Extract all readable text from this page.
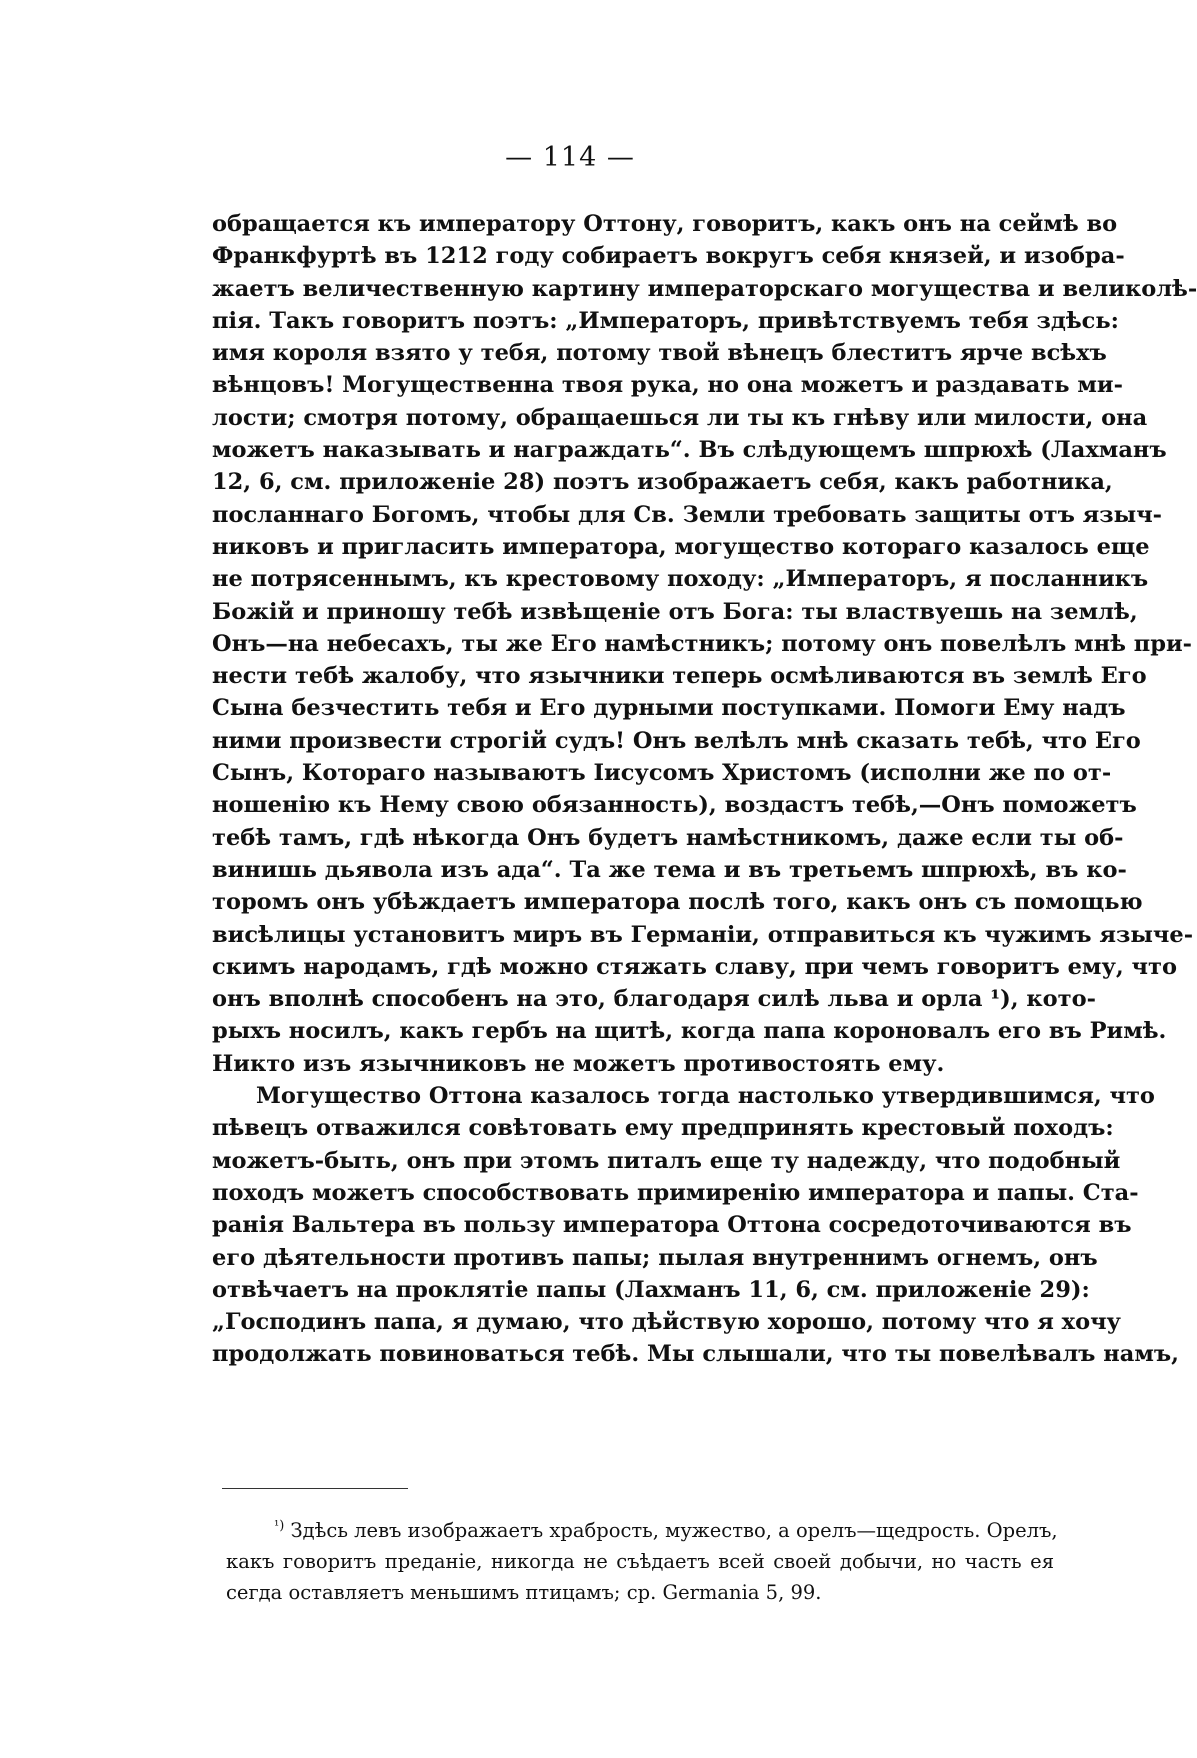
— 114 —
обращается къ императору Оттону, говоритъ, какъ онъ на сеймѣ во
Франкфуртѣ въ 1212 году собираетъ вокругъ себя князей, и изобра-
жаетъ величественную картину императорскаго могущества и великолѣ-
пія. Такъ говоритъ поэтъ: „Императоръ, привѣтствуемъ тебя здѣсь:
имя короля взято у тебя, потому твой вѣнецъ блеститъ ярче всѣхъ
вѣнцовъ! Могущественна твоя рука, но она можетъ и раздавать ми-
лости; смотря потому, обращаешься ли ты къ гнѣву или милости, она
можетъ наказывать и награждать“. Въ слѣдующемъ шпрюхѣ (Лахманъ
12, 6, см. приложеніе 28) поэтъ изображаетъ себя, какъ работника,
посланнаго Богомъ, чтобы для Св. Земли требовать защиты отъ языч-
никовъ и пригласить императора, могущество котораго казалось еще
не потрясеннымъ, къ крестовому походу: „Императоръ, я посланникъ
Божій и приношу тебѣ извѣщеніе отъ Бога: ты властвуешь на землѣ,
Онъ—на небесахъ, ты же Его намѣстникъ; потому онъ повелѣлъ мнѣ при-
нести тебѣ жалобу, что язычники теперь осмѣливаются въ землѣ Его
Сына безчестить тебя и Его дурными поступками. Помоги Ему надъ
ними произвести строгій судъ! Онъ велѣлъ мнѣ сказать тебѣ, что Его
Сынъ, Котораго называютъ Іисусомъ Христомъ (исполни же по от-
ношенію къ Нему свою обязанность), воздастъ тебѣ,—Онъ поможетъ
тебѣ тамъ, гдѣ нѣкогда Онъ будетъ намѣстникомъ, даже если ты об-
винишь дьявола изъ ада“. Та же тема и въ третьемъ шпрюхѣ, въ ко-
торомъ онъ убѣждаетъ императора послѣ того, какъ онъ съ помощью
висѣлицы установитъ миръ въ Германіи, отправиться къ чужимъ языче-
скимъ народамъ, гдѣ можно стяжать славу, при чемъ говоритъ ему, что
онъ вполнѣ способенъ на это, благодаря силѣ льва и орла ¹), кото-
рыхъ носилъ, какъ гербъ на щитѣ, когда папа короновалъ его въ Римѣ.
Никто изъ язычниковъ не можетъ противостоять ему.
Могущество Оттона казалось тогда настолько утвердившимся, что
пѣвецъ отважился совѣтовать ему предпринять крестовый походъ:
можетъ-быть, онъ при этомъ питалъ еще ту надежду, что подобный
походъ можетъ способствовать примиренію императора и папы. Ста-
ранія Вальтера въ пользу императора Оттона сосредоточиваются въ
его дѣятельности противъ папы; пылая внутреннимъ огнемъ, онъ
отвѣчаетъ на проклятіе папы (Лахманъ 11, 6, см. приложеніе 29):
„Господинъ папа, я думаю, что дѣйствую хорошо, потому что я хочу
продолжать повиноваться тебѣ. Мы слышали, что ты повелѣвалъ намъ,
$^{^1)}$ Здѣсь левъ изображаетъ храбрость, мужество, а орелъ—щедрость. Орелъ,
какъ говоритъ преданіе, никогда не съѣдаетъ всей своей добычи, но часть ея
сегда оставляетъ меньшимъ птицамъ; ср. Germania 5, 99.
